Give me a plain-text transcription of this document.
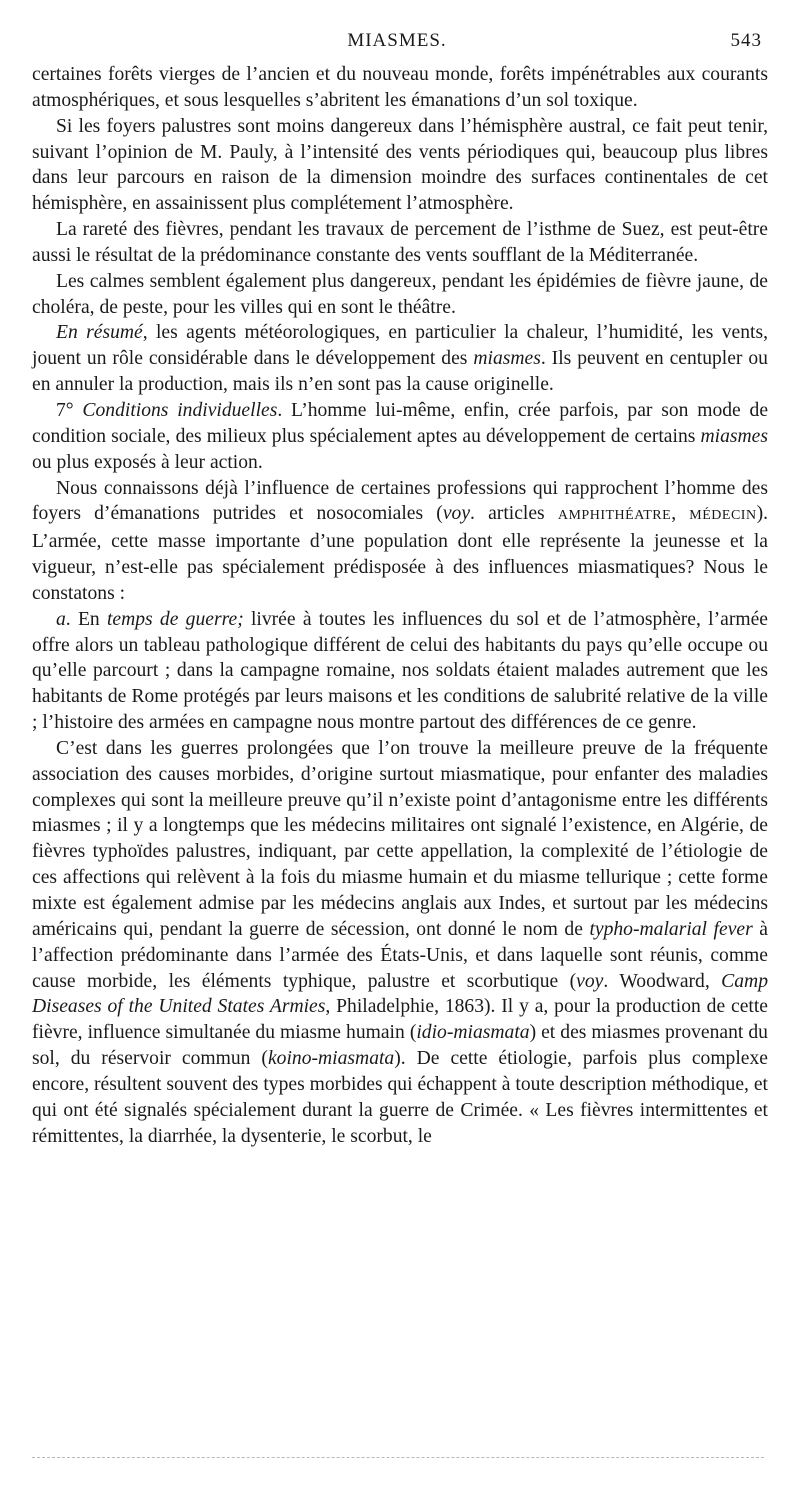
MIASMES.	543

certaines forêts vierges de l’ancien et du nouveau monde, forêts impénétrables aux courants atmosphériques, et sous lesquelles s’abritent les émanations d’un sol toxique.

Si les foyers palustres sont moins dangereux dans l’hémisphère austral, ce fait peut tenir, suivant l’opinion de M. Pauly, à l’intensité des vents périodiques qui, beaucoup plus libres dans leur parcours en raison de la dimension moindre des surfaces continentales de cet hémisphère, en assainissent plus complétement l’atmosphère.

La rareté des fièvres, pendant les travaux de percement de l’isthme de Suez, est peut-être aussi le résultat de la prédominance constante des vents soufflant de la Méditerranée.

Les calmes semblent également plus dangereux, pendant les épidémies de fièvre jaune, de choléra, de peste, pour les villes qui en sont le théâtre.

En résumé, les agents météorologiques, en particulier la chaleur, l’humidité, les vents, jouent un rôle considérable dans le développement des miasmes. Ils peuvent en centupler ou en annuler la production, mais ils n’en sont pas la cause originelle.

7° Conditions individuelles. L’homme lui-même, enfin, crée parfois, par son mode de condition sociale, des milieux plus spécialement aptes au développement de certains miasmes ou plus exposés à leur action.

Nous connaissons déjà l’influence de certaines professions qui rapprochent l’homme des foyers d’émanations putrides et nosocomiales (voy. articles AMPHITHÉATRE, MÉDECIN). L’armée, cette masse importante d’une population dont elle représente la jeunesse et la vigueur, n’est-elle pas spécialement prédisposée à des influences miasmatiques? Nous le constatons :

a. En temps de guerre; livrée à toutes les influences du sol et de l’atmosphère, l’armée offre alors un tableau pathologique différent de celui des habitants du pays qu’elle occupe ou qu’elle parcourt ; dans la campagne romaine, nos soldats étaient malades autrement que les habitants de Rome protégés par leurs maisons et les conditions de salubrité relative de la ville ; l’histoire des armées en campagne nous montre partout des différences de ce genre.

C’est dans les guerres prolongées que l’on trouve la meilleure preuve de la fréquente association des causes morbides, d’origine surtout miasmatique, pour enfanter des maladies complexes qui sont la meilleure preuve qu’il n’existe point d’antagonisme entre les différents miasmes ; il y a longtemps que les médecins militaires ont signalé l’existence, en Algérie, de fièvres typhoïdes palustres, indiquant, par cette appellation, la complexité de l’étiologie de ces affections qui relèvent à la fois du miasme humain et du miasme tellurique ; cette forme mixte est également admise par les médecins anglais aux Indes, et surtout par les médecins américains qui, pendant la guerre de sécession, ont donné le nom de typho-malarial fever à l’affection prédominante dans l’armée des États-Unis, et dans laquelle sont réunis, comme cause morbide, les éléments typhique, palustre et scorbutique (voy. Woodward, Camp Diseases of the United States Armies, Philadelphie, 1863). Il y a, pour la production de cette fièvre, influence simultanée du miasme humain (idio-miasmata) et des miasmes provenant du sol, du réservoir commun (koino-miasmata). De cette étiologie, parfois plus complexe encore, résultent souvent des types morbides qui échappent à toute description méthodique, et qui ont été signalés spécialement durant la guerre de Crimée. « Les fièvres intermittentes et rémittentes, la diarrhée, la dysenterie, le scorbut, le
